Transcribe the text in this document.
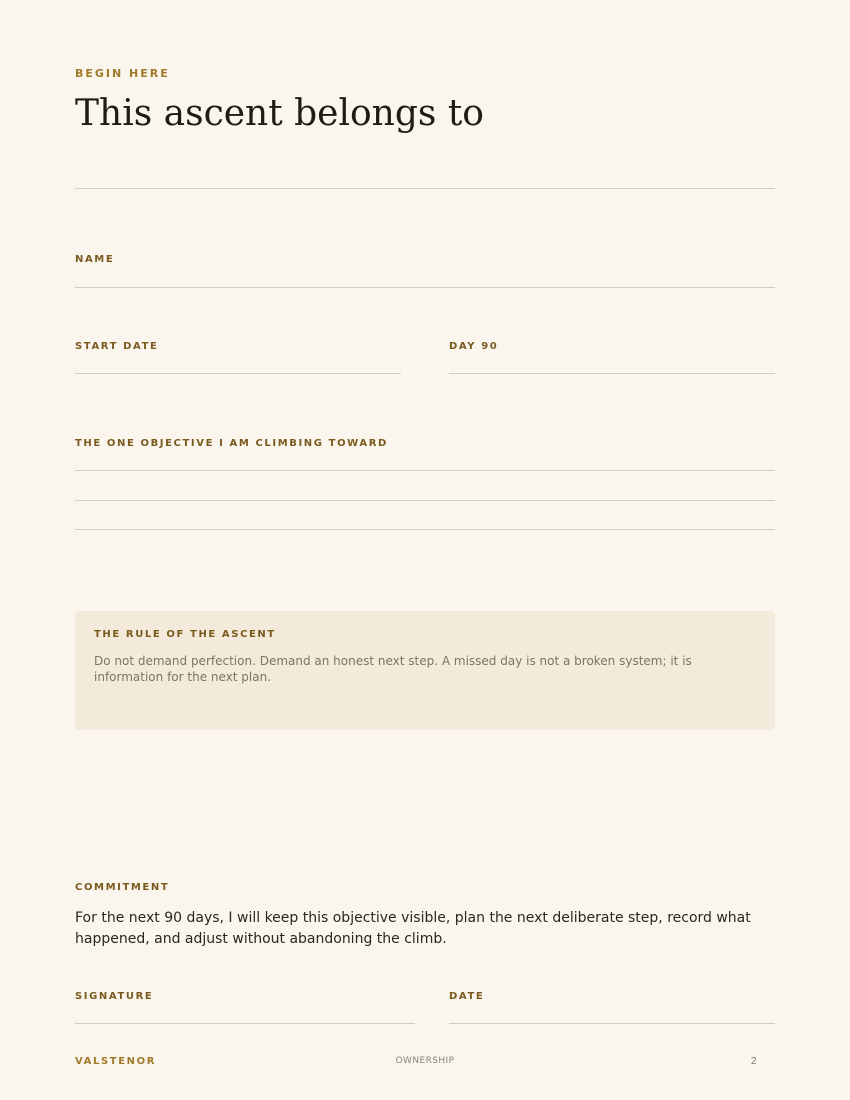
BEGIN HERE
This ascent belongs to
NAME
START DATE	DAY 90
THE ONE OBJECTIVE I AM CLIMBING TOWARD
THE RULE OF THE ASCENT
Do not demand perfection. Demand an honest next step. A missed day is not a broken system; it is information for the next plan.
COMMITMENT
For the next 90 days, I will keep this objective visible, plan the next deliberate step, record what happened, and adjust without abandoning the climb.
SIGNATURE	DATE
VALSTENOR	OWNERSHIP	2
